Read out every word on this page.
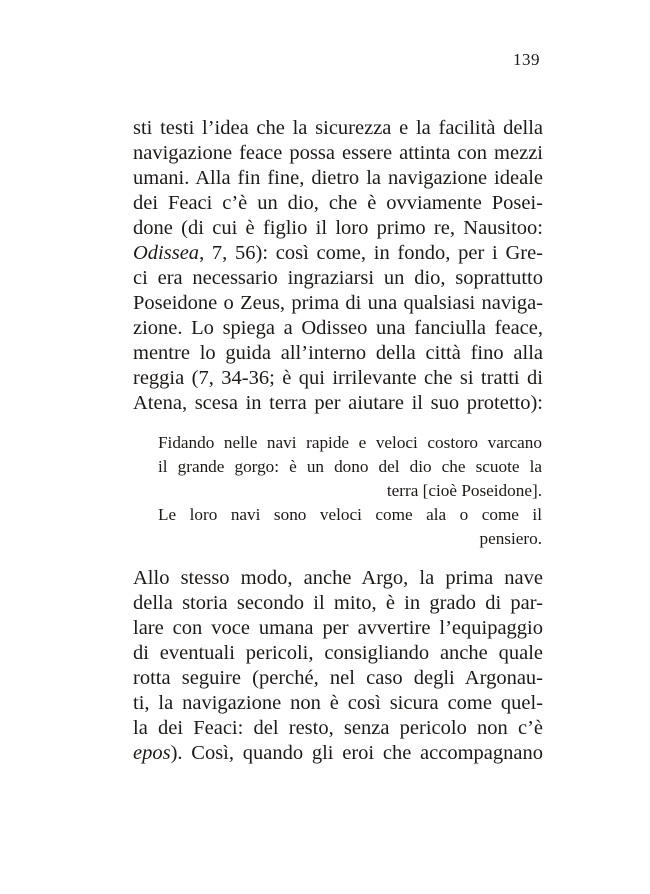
139
sti testi l’idea che la sicurezza e la facilità della
navigazione feace possa essere attinta con mezzi
umani. Alla fin fine, dietro la navigazione ideale
dei Feaci c’è un dio, che è ovviamente Posei-
done (di cui è figlio il loro primo re, Nausitoo:
Odissea, 7, 56): così come, in fondo, per i Gre-
ci era necessario ingraziarsi un dio, soprattutto
Poseidone o Zeus, prima di una qualsiasi naviga-
zione. Lo spiega a Odisseo una fanciulla feace,
mentre lo guida all’interno della città fino alla
reggia (7, 34-36; è qui irrilevante che si tratti di
Atena, scesa in terra per aiutare il suo protetto):
Fidando nelle navi rapide e veloci costoro varcano
il grande gorgo: è un dono del dio che scuote la
terra [cioè Poseidone].
Le loro navi sono veloci come ala o come il
pensiero.
Allo stesso modo, anche Argo, la prima nave
della storia secondo il mito, è in grado di par-
lare con voce umana per avvertire l’equipaggio
di eventuali pericoli, consigliando anche quale
rotta seguire (perché, nel caso degli Argonau-
ti, la navigazione non è così sicura come quel-
la dei Feaci: del resto, senza pericolo non c’è
epos). Così, quando gli eroi che accompagnano
